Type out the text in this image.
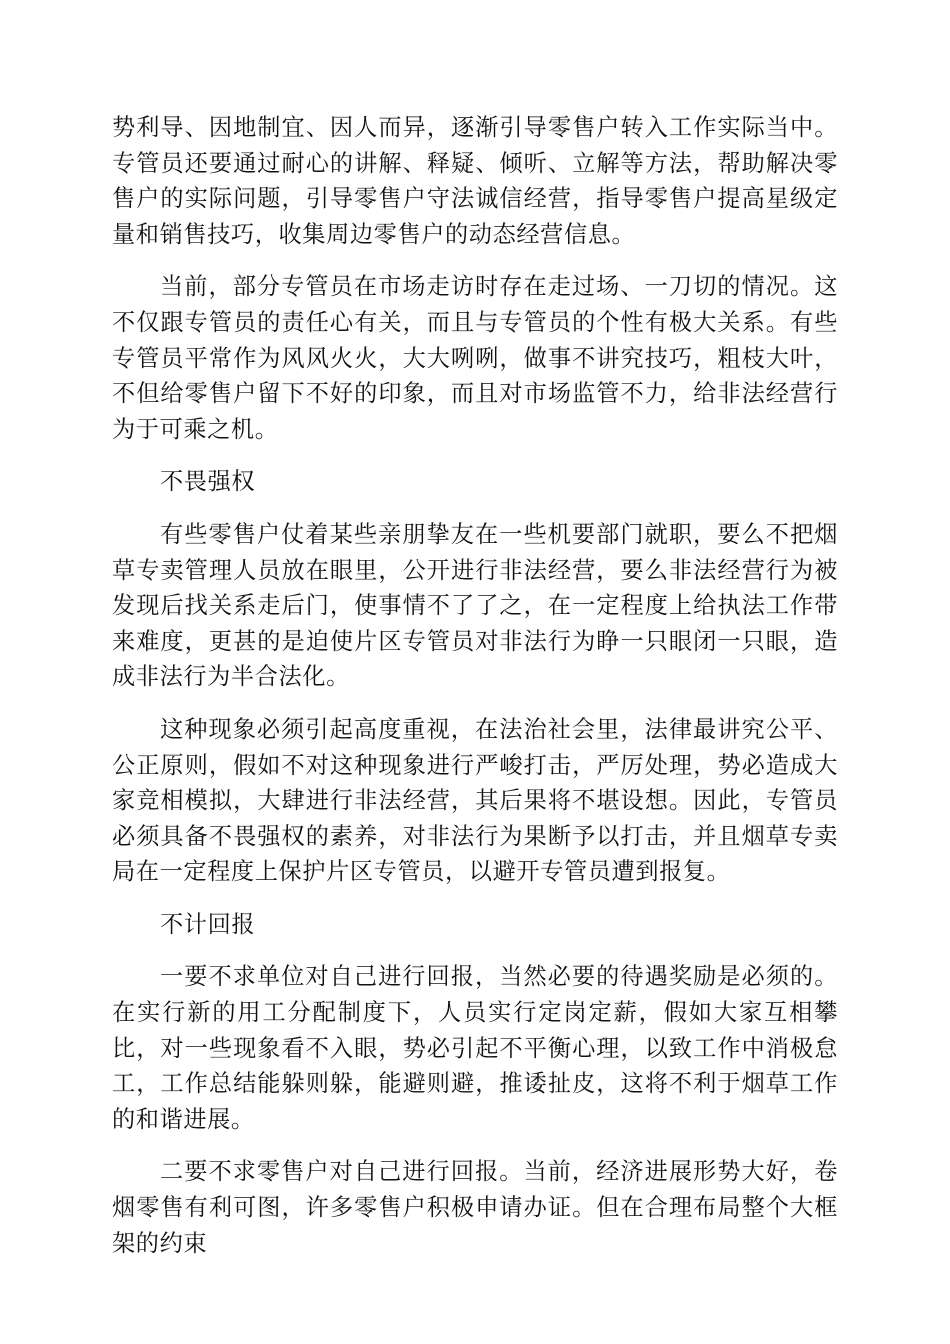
势利导、因地制宜、因人而异，逐渐引导零售户转入工作实际当中。专管员还要通过耐心的讲解、释疑、倾听、立解等方法，帮助解决零售户的实际问题，引导零售户守法诚信经营，指导零售户提高星级定量和销售技巧，收集周边零售户的动态经营信息。

当前，部分专管员在市场走访时存在走过场、一刀切的情况。这不仅跟专管员的责任心有关，而且与专管员的个性有极大关系。有些专管员平常作为风风火火，大大咧咧，做事不讲究技巧，粗枝大叶，不但给零售户留下不好的印象，而且对市场监管不力，给非法经营行为于可乘之机。

不畏强权

有些零售户仗着某些亲朋挚友在一些机要部门就职，要么不把烟草专卖管理人员放在眼里，公开进行非法经营，要么非法经营行为被发现后找关系走后门，使事情不了了之，在一定程度上给执法工作带来难度，更甚的是迫使片区专管员对非法行为睁一只眼闭一只眼，造成非法行为半合法化。

这种现象必须引起高度重视，在法治社会里，法律最讲究公平、公正原则，假如不对这种现象进行严峻打击，严厉处理，势必造成大家竞相模拟，大肆进行非法经营，其后果将不堪设想。因此，专管员必须具备不畏强权的素养，对非法行为果断予以打击，并且烟草专卖局在一定程度上保护片区专管员，以避开专管员遭到报复。

不计回报

一要不求单位对自己进行回报，当然必要的待遇奖励是必须的。在实行新的用工分配制度下，人员实行定岗定薪，假如大家互相攀比，对一些现象看不入眼，势必引起不平衡心理，以致工作中消极怠工，工作总结能躲则躲，能避则避，推诿扯皮，这将不利于烟草工作的和谐进展。

二要不求零售户对自己进行回报。当前，经济进展形势大好，卷烟零售有利可图，许多零售户积极申请办证。但在合理布局整个大框架的约束
